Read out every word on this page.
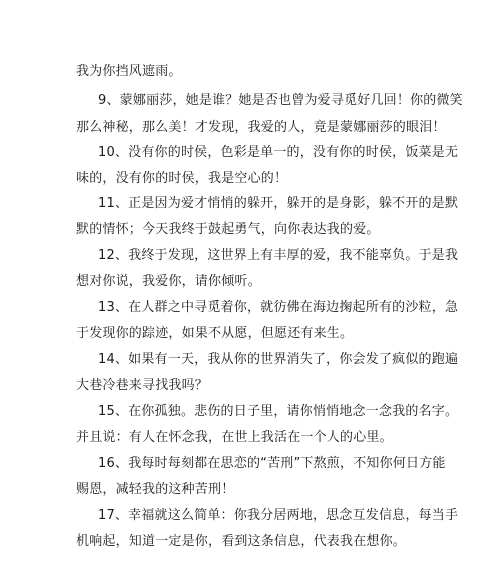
我为你挡风遮雨。
9、蒙娜丽莎，她是谁？她是否也曾为爱寻觅好几回！你的微笑
那么神秘，那么美！才发现，我爱的人，竟是蒙娜丽莎的眼泪！
10、没有你的时侯，色彩是单一的，没有你的时侯，饭菜是无
味的，没有你的时侯，我是空心的！
11、正是因为爱才悄悄的躲开，躲开的是身影，躲不开的是默
默的情怀；今天我终于鼓起勇气，向你表达我的爱。
12、我终于发现，这世界上有丰厚的爱，我不能辜负。于是我
想对你说，我爱你，请你倾听。
13、在人群之中寻觅着你，就彷佛在海边掬起所有的沙粒，急
于发现你的踪迹，如果不从愿，但愿还有来生。
14、如果有一天，我从你的世界消失了，你会发了疯似的跑遍
大巷冷巷来寻找我吗？
15、在你孤独。悲伤的日子里，请你悄悄地念一念我的名字。
并且说：有人在怀念我，在世上我活在一个人的心里。
16、我每时每刻都在思恋的“苦刑”下熬煎，不知你何日方能
赐恩，减轻我的这种苦刑！
17、幸福就这么简单：你我分居两地，思念互发信息，每当手
机响起，知道一定是你，看到这条信息，代表我在想你。
